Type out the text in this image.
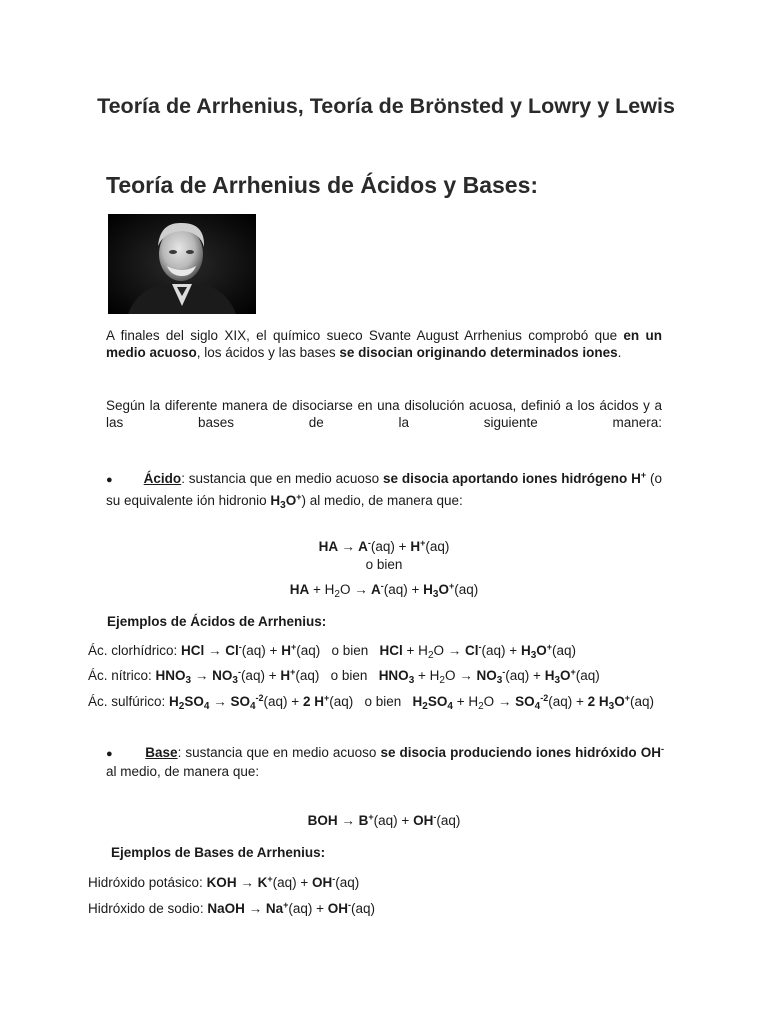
Teoría de Arrhenius, Teoría de Brönsted y Lowry y Lewis
Teoría de Arrhenius de Ácidos y Bases:
A finales del siglo XIX, el químico sueco Svante August Arrhenius comprobó que en un medio acuoso, los ácidos y las bases se disocian originando determinados iones.
Según la diferente manera de disociarse en una disolución acuosa, definió a los ácidos y a las bases de la siguiente manera:
● Ácido: sustancia que en medio acuoso se disocia aportando iones hidrógeno H+ (o su equivalente ión hidronio $H_3O^+$) al medio, de manera que:
HA → A-(aq) + H+(aq)
o bien
HA + $H_2O \to A^-(aq) + H_3O^+(aq)$
Ejemplos de Ácidos de Arrhenius:
Ác. clorhídrico: HCl → Cl-(aq) + H+(aq)   o bien HCl + $H_2O \to Cl^-(aq) + H_3O^+(aq)$
Ác. nítrico: $HNO_3 \to NO_3^-(aq) + H^+(aq)$   o bien $HNO_3 + H_2O \to NO_3^-(aq) + H_3O^+(aq)$
Ác. sulfúrico: $H_2SO_4 \to SO_4^{-2}(aq) + 2$ H+(aq)   o bien $H_2SO_4 + H_2O \to SO_4^{-2}(aq) + 2$ $H_3O^+(aq)$
● Base: sustancia que en medio acuoso se disocia produciendo iones hidróxido OH- al medio, de manera que:
BOH → B+(aq) + OH-(aq)
Ejemplos de Bases de Arrhenius:
Hidróxido potásico: KOH → K+(aq) + OH-(aq)
Hidróxido de sodio: NaOH → Na+(aq) + OH-(aq)
